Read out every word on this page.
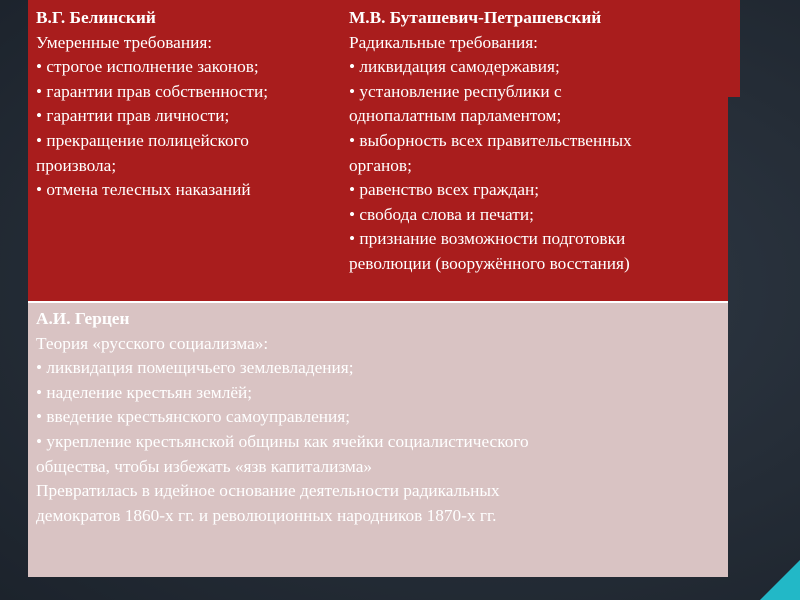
В.Г. Белинский
Умеренные требования:
• строгое исполнение законов;
• гарантии прав собственности;
• гарантии прав личности;
• прекращение полицейского
произвола;
• отмена телесных наказаний
М.В. Буташевич-Петрашевский
Радикальные требования:
• ликвидация самодержавия;
• установление республики с
однопалатным парламентом;
• выборность всех правительственных
органов;
• равенство всех граждан;
• свобода слова и печати;
• признание возможности подготовки
революции (вооружённого восстания)
А.И. Герцен
Теория «русского социализма»:
• ликвидация помещичьего землевладения;
• наделение крестьян землёй;
• введение крестьянского самоуправления;
• укрепление крестьянской общины как ячейки социалистического
общества, чтобы избежать «язв капитализма»
Превратилась в идейное основание деятельности радикальных
демократов 1860-х гг. и революционных народников 1870-х гг.
